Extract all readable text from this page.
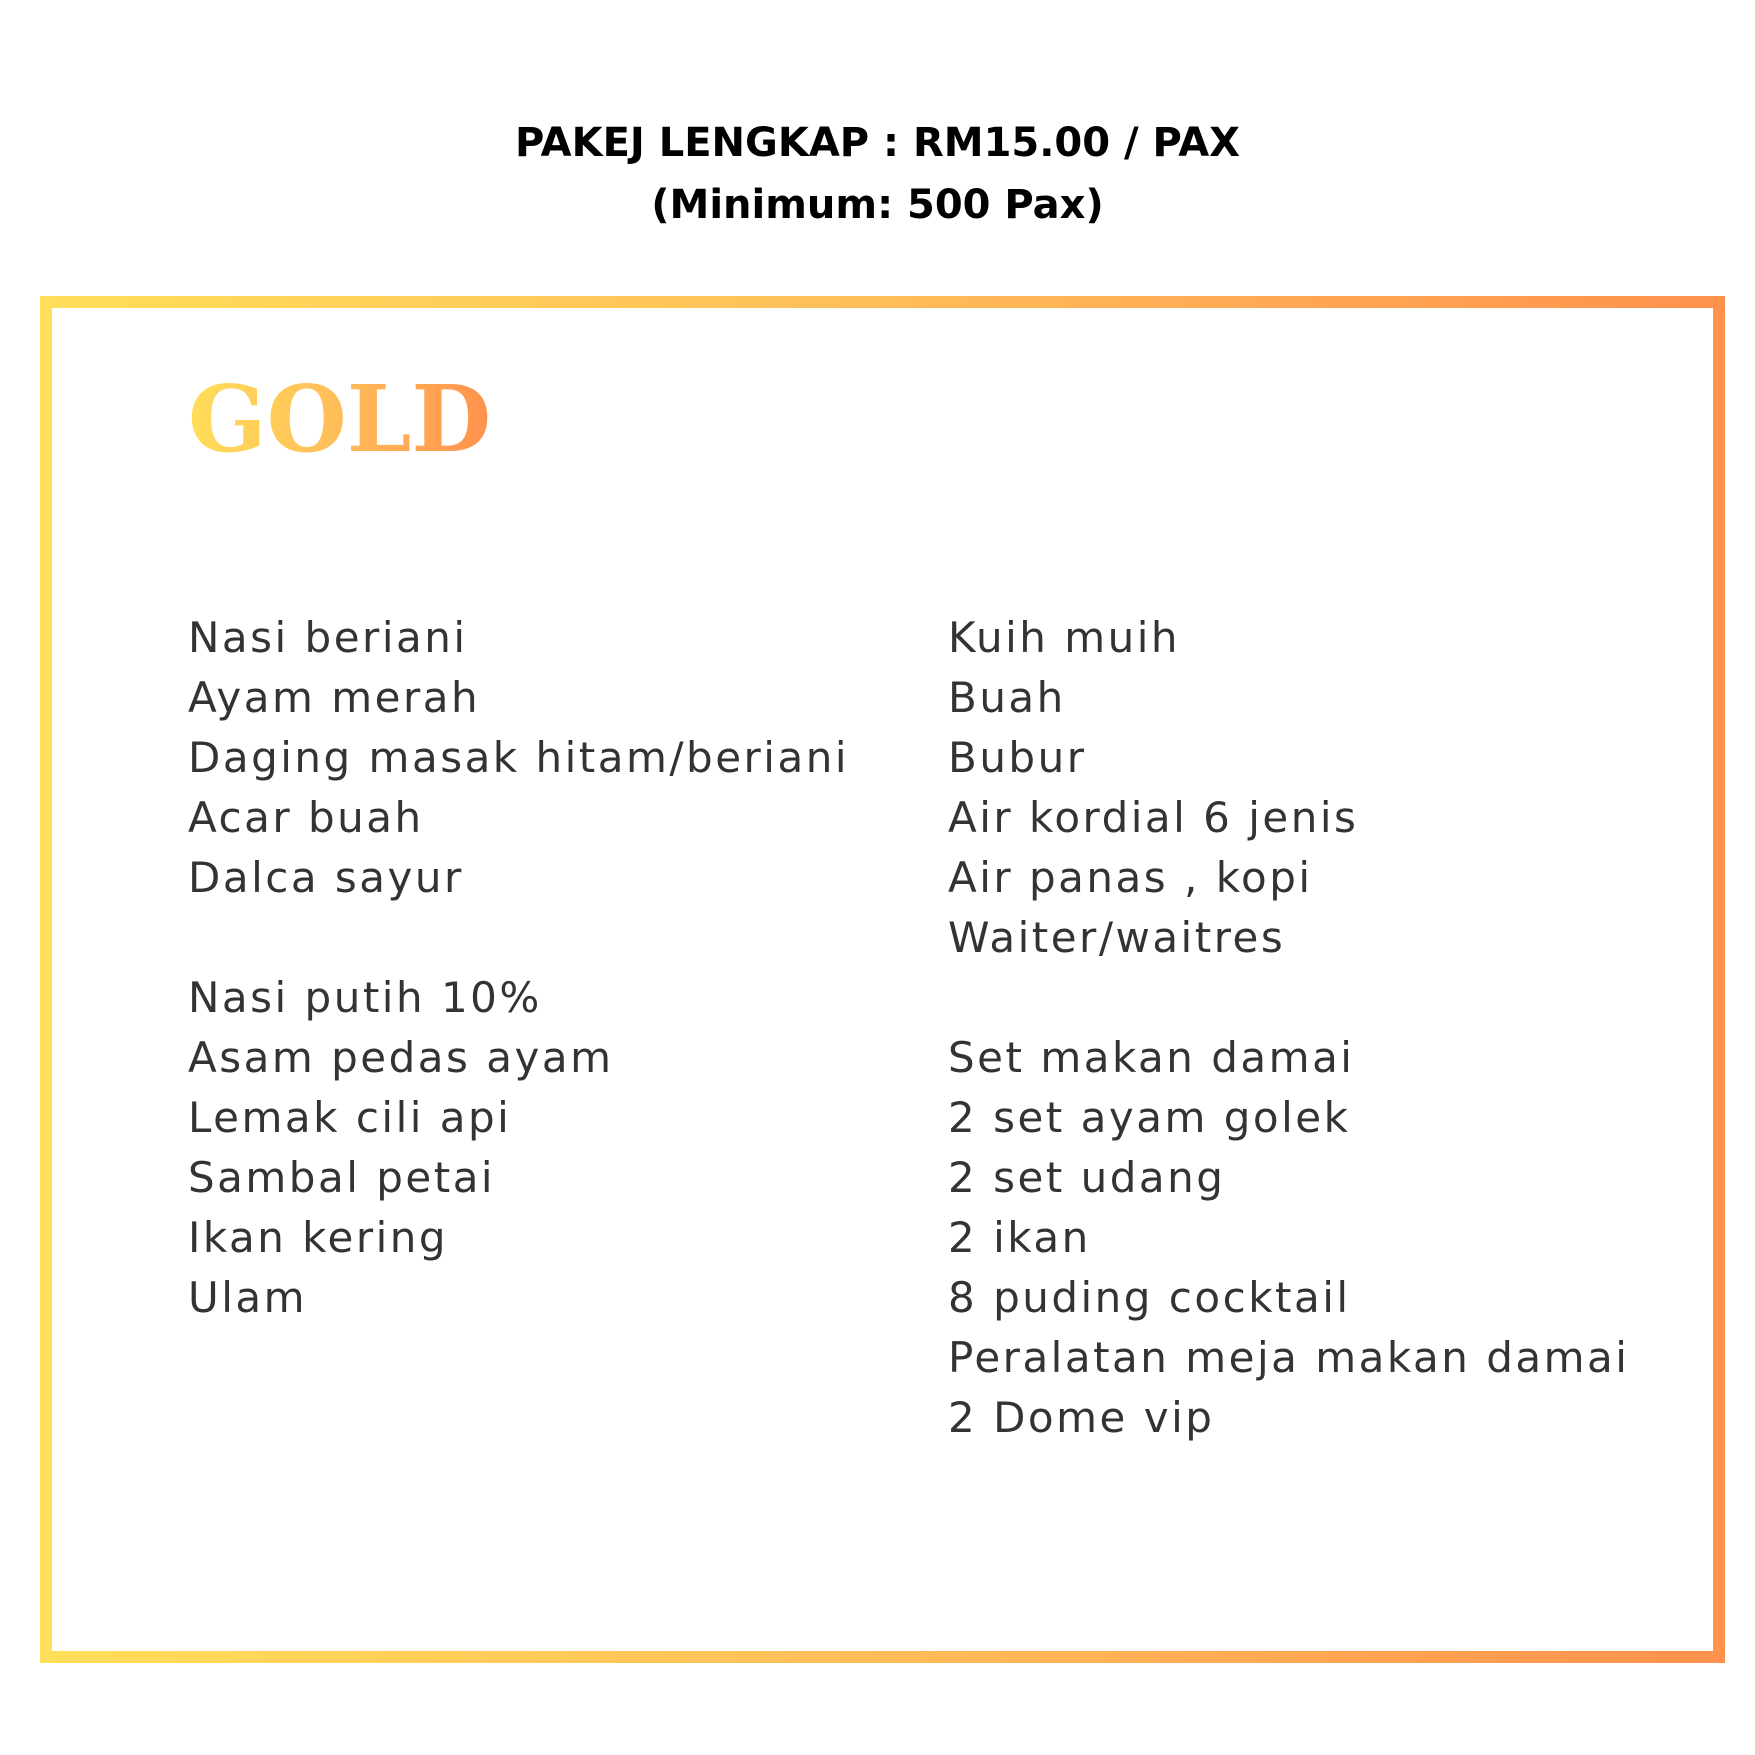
PAKEJ LENGKAP : RM15.00 / PAX
(Minimum: 500 Pax)
GOLD
Nasi beriani
Ayam merah
Daging masak hitam/beriani
Acar buah
Dalca sayur
Nasi putih 10%
Asam pedas ayam
Lemak cili api
Sambal petai
Ikan kering
Ulam
Kuih muih
Buah
Bubur
Air kordial 6 jenis
Air panas , kopi
Waiter/waitres
Set makan damai
2 set ayam golek
2 set udang
2 ikan
8 puding cocktail
Peralatan meja makan damai
2 Dome vip
